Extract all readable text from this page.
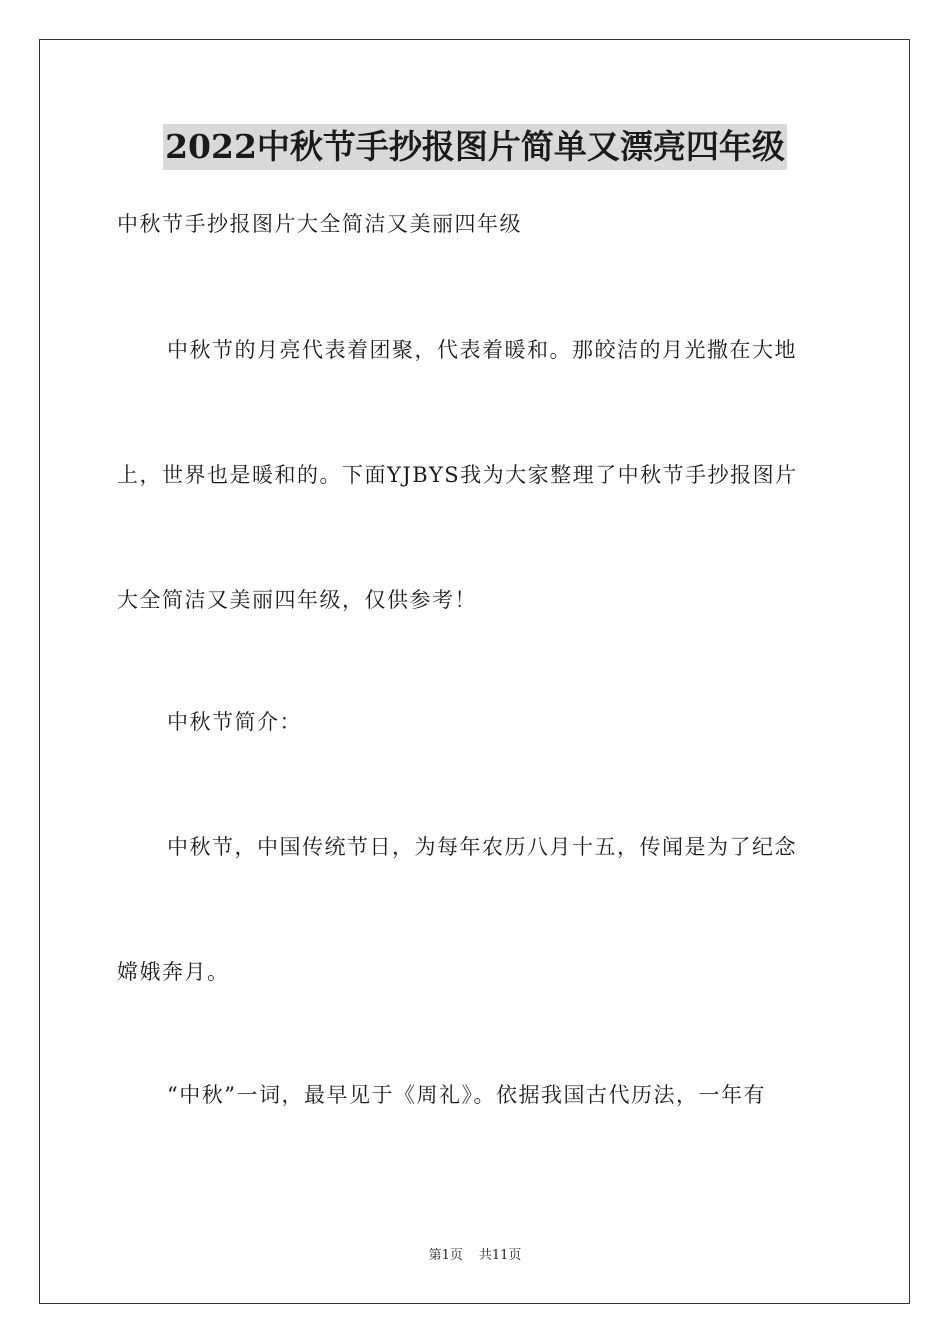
2022中秋节手抄报图片简单又漂亮四年级
中秋节手抄报图片大全简洁又美丽四年级
中秋节的月亮代表着团聚，代表着暖和。那皎洁的月光撒在大地
上，世界也是暖和的。下面YJBYS我为大家整理了中秋节手抄报图片
大全简洁又美丽四年级，仅供参考！
中秋节简介：
中秋节，中国传统节日，为每年农历八月十五，传闻是为了纪念
嫦娥奔月。
“中秋”一词，最早见于《周礼》。依据我国古代历法，一年有
第1页 共11页
